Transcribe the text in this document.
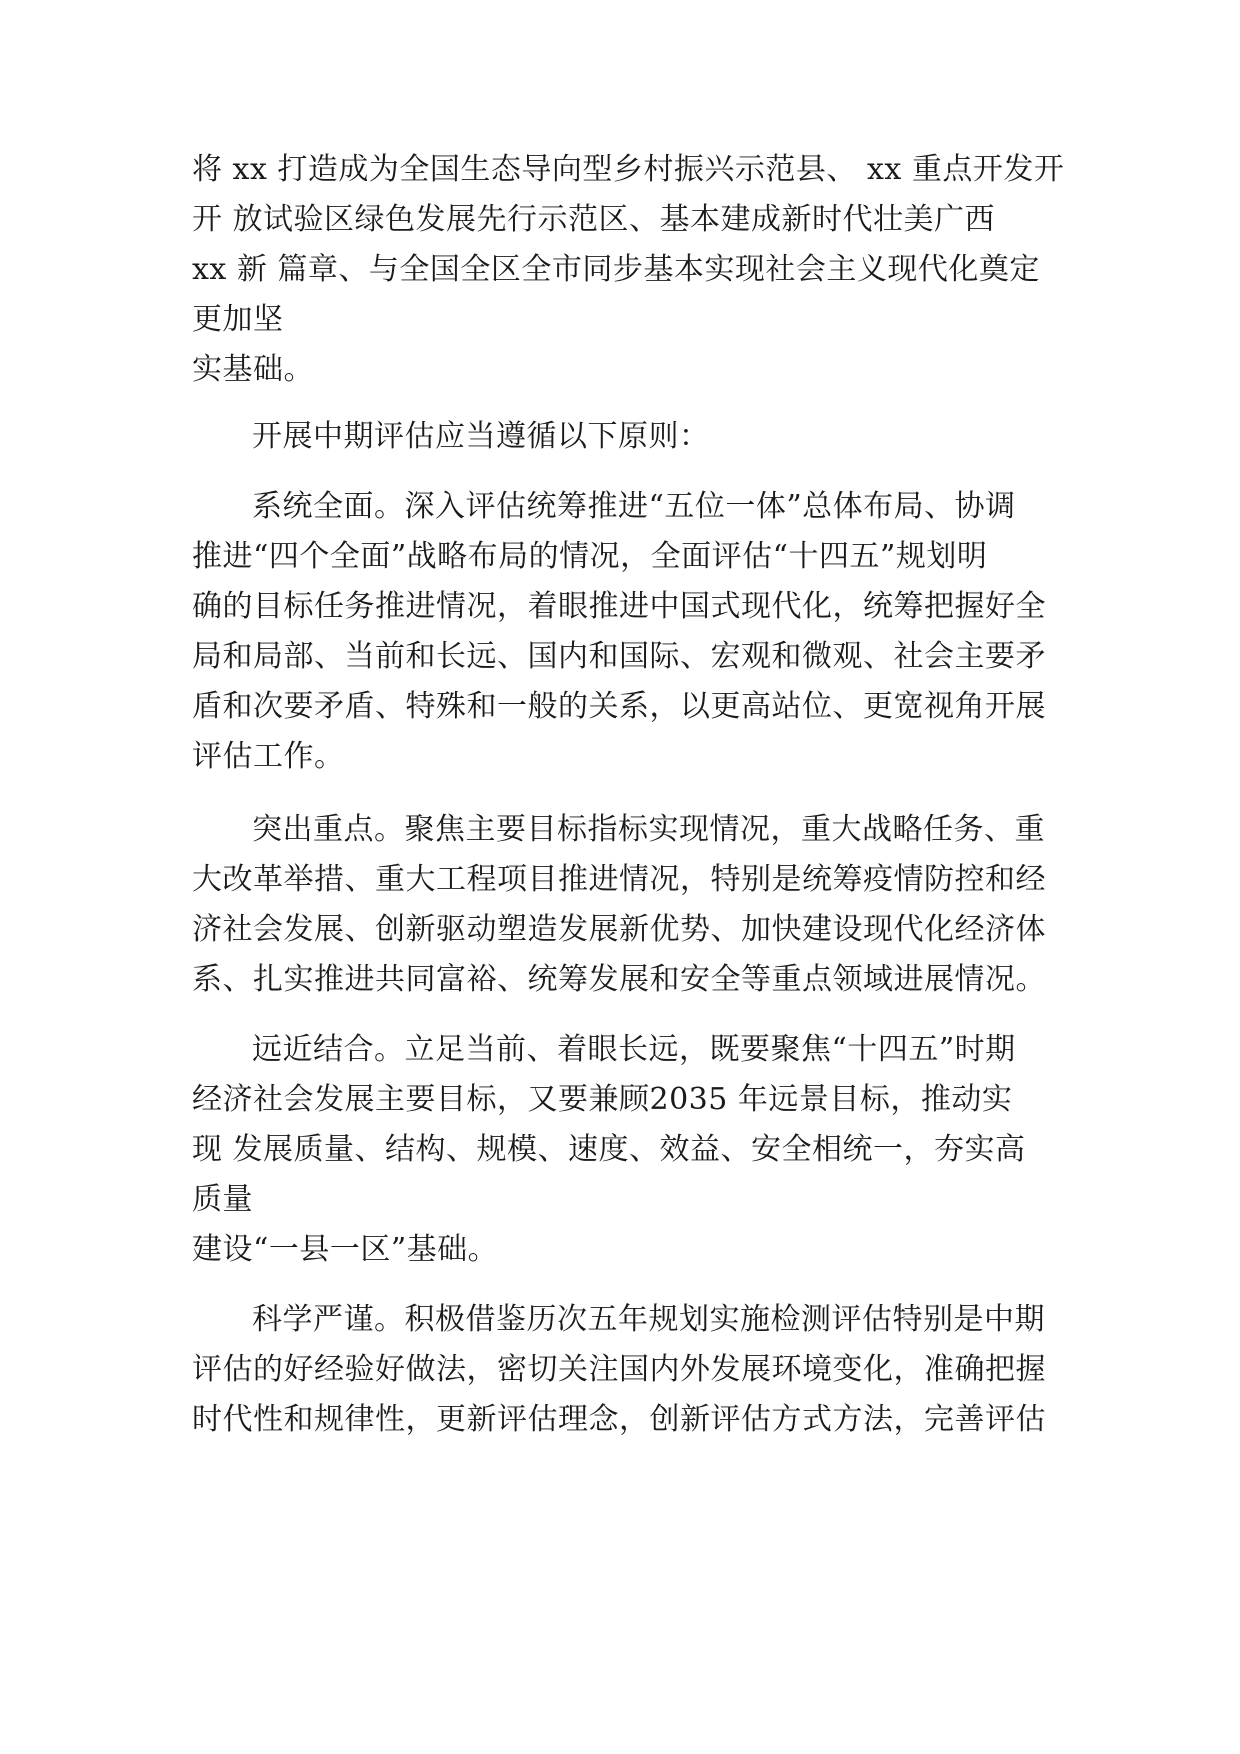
将 xx 打造成为全国生态导向型乡村振兴示范县、 xx 重点开发开
开 放试验区绿色发展先行示范区、基本建成新时代壮美广西
xx 新 篇章、与全国全区全市同步基本实现社会主义现代化奠定
更加坚
实基础。
开展中期评估应当遵循以下原则：
系统全面。深入评估统筹推进“五位一体”总体布局、协调
推进“四个全面”战略布局的情况，全面评估“十四五”规划明
确的目标任务推进情况，着眼推进中国式现代化，统筹把握好全
局和局部、当前和长远、国内和国际、宏观和微观、社会主要矛
盾和次要矛盾、特殊和一般的关系，以更高站位、更宽视角开展
评估工作。
突出重点。聚焦主要目标指标实现情况，重大战略任务、重
大改革举措、重大工程项目推进情况，特别是统筹疫情防控和经
济社会发展、创新驱动塑造发展新优势、加快建设现代化经济体
系、扎实推进共同富裕、统筹发展和安全等重点领域进展情况。
远近结合。立足当前、着眼长远，既要聚焦“十四五”时期
经济社会发展主要目标，又要兼顾2035 年远景目标，推动实
现 发展质量、结构、规模、速度、效益、安全相统一，夯实高
质量
建设“一县一区”基础。
科学严谨。积极借鉴历次五年规划实施检测评估特别是中期
评估的好经验好做法，密切关注国内外发展环境变化，准确把握
时代性和规律性，更新评估理念，创新评估方式方法，完善评估
